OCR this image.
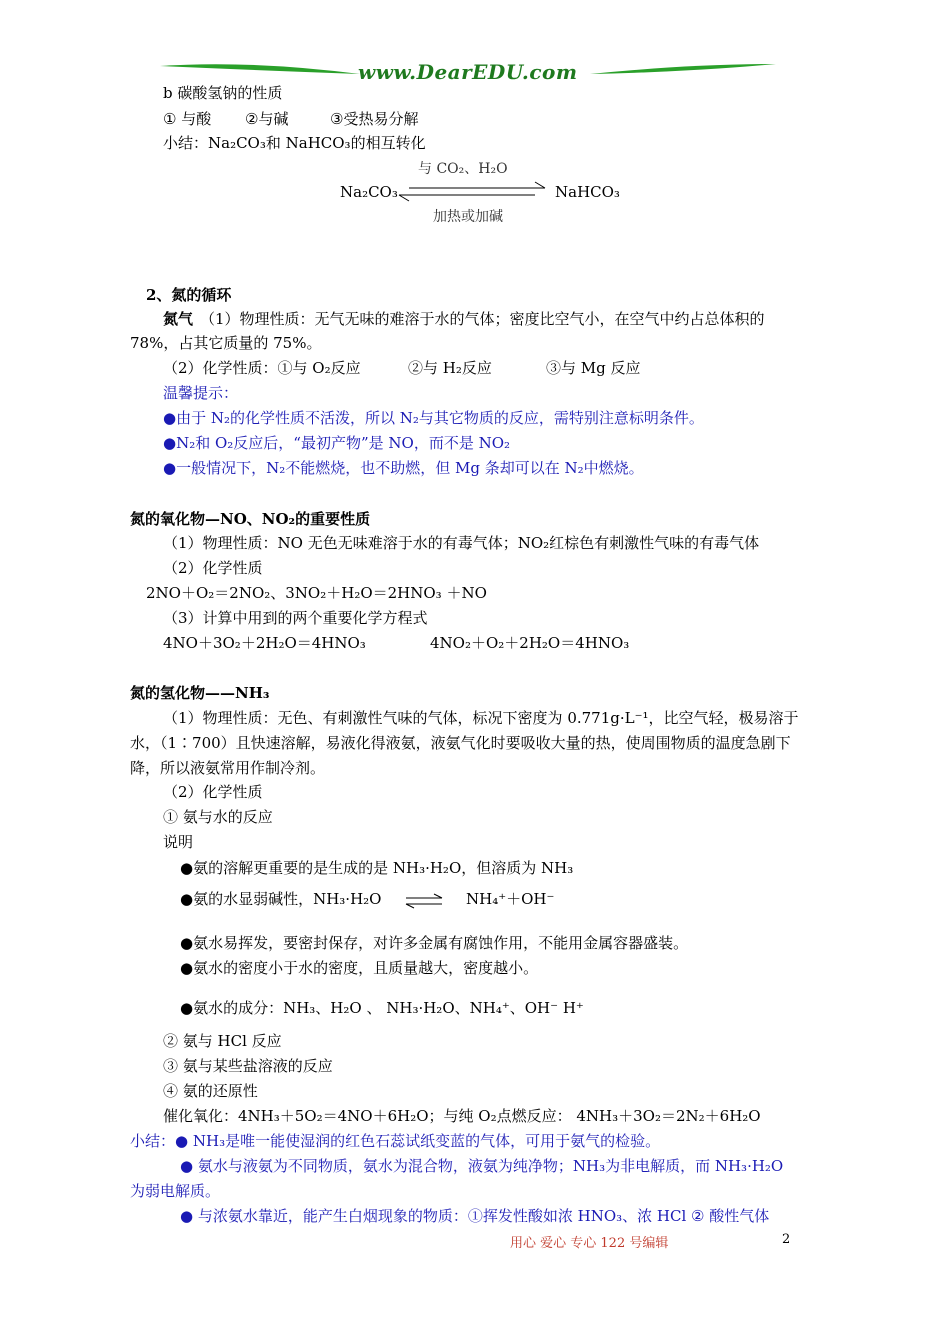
www.DearEDU.com
b 碳酸氢钠的性质
① 与酸 ②与碱	③受热易分解
小结：Na₂CO₃和 NaHCO₃的相互转化
与 CO₂、H₂O
Na₂CO₃	NaHCO₃
加热或加碱
2、氮的循环
氮气 （1）物理性质：无气无味的难溶于水的气体；密度比空气小，在空气中约占总体积的
78%，占其它质量的 75%。
（2）化学性质：①与 O₂反应	②与 H₂反应	③与 Mg 反应
温馨提示：
●由于 N₂的化学性质不活泼，所以 N₂与其它物质的反应，需特别注意标明条件。
●N₂和 O₂反应后，“最初产物”是 NO，而不是 NO₂
●一般情况下，N₂不能燃烧，也不助燃，但 Mg 条却可以在 N₂中燃烧。
氮的氧化物—NO、NO₂的重要性质
（1）物理性质：NO 无色无味难溶于水的有毒气体；NO₂红棕色有刺激性气味的有毒气体
（2）化学性质
2NO＋O₂＝2NO₂、3NO₂＋H₂O＝2HNO₃ ＋NO
（3）计算中用到的两个重要化学方程式
4NO＋3O₂＋2H₂O＝4HNO₃	4NO₂＋O₂＋2H₂O＝4HNO₃
氮的氢化物——NH₃
（1）物理性质：无色、有刺激性气味的气体，标况下密度为 0.771g·L⁻¹，比空气轻，极易溶于
水，（1∶700）且快速溶解，易液化得液氨，液氨气化时要吸收大量的热，使周围物质的温度急剧下
降，所以液氨常用作制冷剂。
（2）化学性质
① 氨与水的反应
说明
●氨的溶解更重要的是生成的是 NH₃·H₂O，但溶质为 NH₃
●氨的水显弱碱性，NH₃·H₂O ⇌ NH₄⁺＋OH⁻
●氨水易挥发，要密封保存，对许多金属有腐蚀作用，不能用金属容器盛装。
●氨水的密度小于水的密度，且质量越大，密度越小。
●氨水的成分：NH₃、H₂O 、 NH₃·H₂O、NH₄⁺、OH⁻ H⁺
② 氨与 HCl 反应
③ 氨与某些盐溶液的反应
④ 氨的还原性
催化氧化：4NH₃＋5O₂＝4NO＋6H₂O；与纯 O₂点燃反应： 4NH₃＋3O₂＝2N₂＋6H₂O
小结：● NH₃是唯一能使湿润的红色石蕊试纸变蓝的气体，可用于氨气的检验。
● 氨水与液氨为不同物质，氨水为混合物，液氨为纯净物；NH₃为非电解质，而 NH₃·H₂O
为弱电解质。
● 与浓氨水靠近，能产生白烟现象的物质：①挥发性酸如浓 HNO₃、浓 HCl ② 酸性气体
用心 爱心 专心 122 号编辑	2
